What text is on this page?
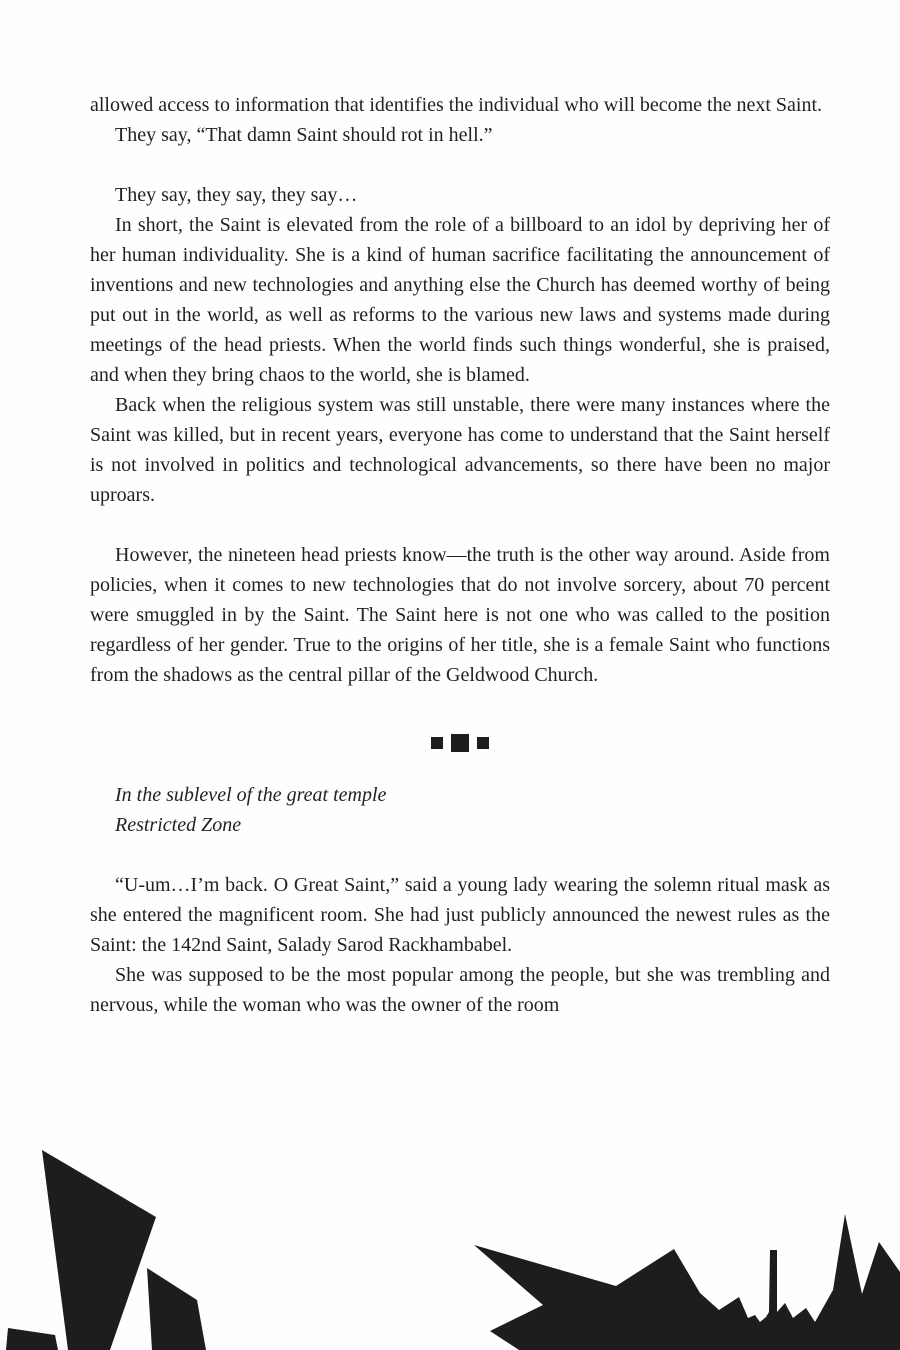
allowed access to information that identifies the individual who will become the next Saint.

They say, “That damn Saint should rot in hell.”

They say, they say, they say…

In short, the Saint is elevated from the role of a billboard to an idol by depriving her of her human individuality. She is a kind of human sacrifice facilitating the announcement of inventions and new technologies and anything else the Church has deemed worthy of being put out in the world, as well as reforms to the various new laws and systems made during meetings of the head priests. When the world finds such things wonderful, she is praised, and when they bring chaos to the world, she is blamed.

Back when the religious system was still unstable, there were many instances where the Saint was killed, but in recent years, everyone has come to understand that the Saint herself is not involved in politics and technological advancements, so there have been no major uproars.

However, the nineteen head priests know—the truth is the other way around. Aside from policies, when it comes to new technologies that do not involve sorcery, about 70 percent were smuggled in by the Saint. The Saint here is not one who was called to the position regardless of her gender. True to the origins of her title, she is a female Saint who functions from the shadows as the central pillar of the Geldwood Church.

In the sublevel of the great temple
Restricted Zone

“U-um…I’m back. O Great Saint,” said a young lady wearing the solemn ritual mask as she entered the magnificent room. She had just publicly announced the newest rules as the Saint: the 142nd Saint, Salady Sarod Rackhambabel.

She was supposed to be the most popular among the people, but she was trembling and nervous, while the woman who was the owner of the room
